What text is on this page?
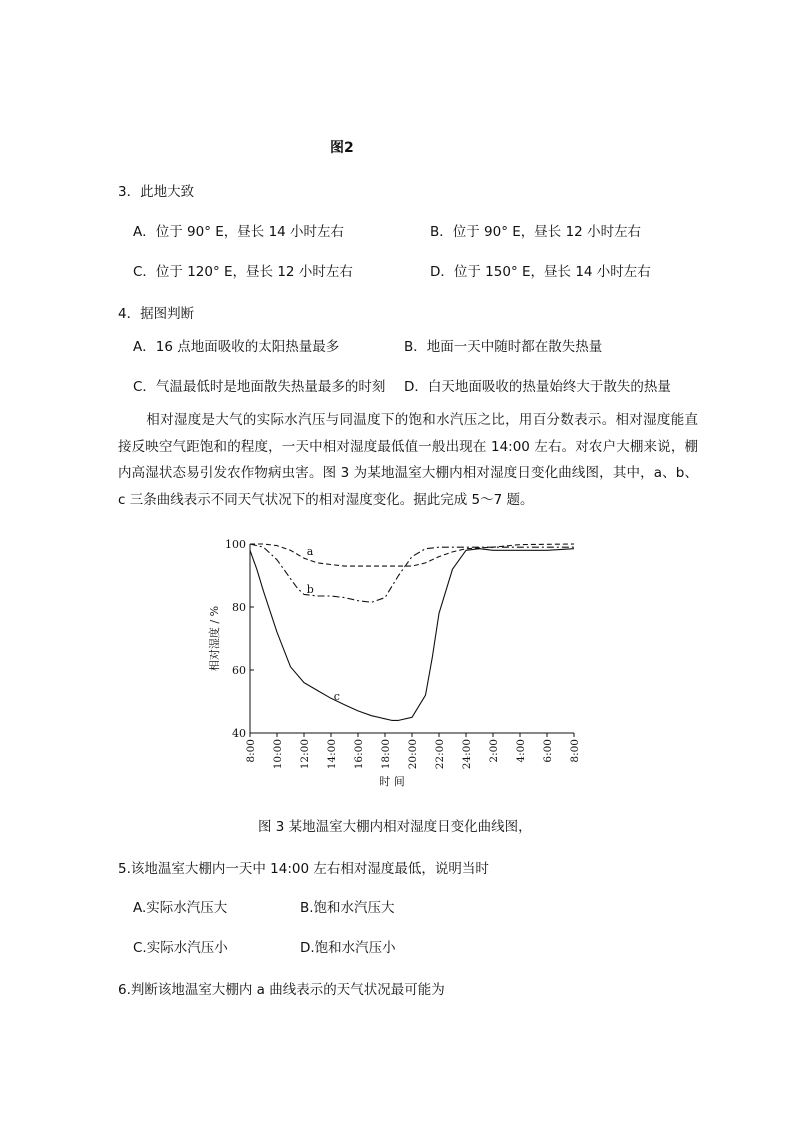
图2
3．此地大致
A．位于 90° E，昼长 14 小时左右	B．位于 90° E，昼长 12 小时左右
C．位于 120° E，昼长 12 小时左右	D．位于 150° E，昼长 14 小时左右
4．据图判断
A．16 点地面吸收的太阳热量最多	B．地面一天中随时都在散失热量
C．气温最低时是地面散失热量最多的时刻 D．白天地面吸收的热量始终大于散失的热量
相对湿度是大气的实际水汽压与同温度下的饱和水汽压之比，用百分数表示。相对湿度能直接反映空气距饱和的程度，一天中相对湿度最低值一般出现在 14:00 左右。对农户大棚来说，棚内高湿状态易引发农作物病虫害。图 3 为某地温室大棚内相对湿度日变化曲线图，其中，a、b、c 三条曲线表示不同天气状况下的相对湿度变化。据此完成 5～7 题。
40
60
80
100
相对湿度 / %
8:00 10:00 12:00 14:00 16:00 18:00 20:00 22:00 24:00 2:00 4:00 6:00 8:00
时 间
a
b
c
图 3 某地温室大棚内相对湿度日变化曲线图，
5.该地温室大棚内一天中 14:00 左右相对湿度最低，说明当时
A.实际水汽压大	B.饱和水汽压大
C.实际水汽压小	D.饱和水汽压小
6.判断该地温室大棚内 a 曲线表示的天气状况最可能为
